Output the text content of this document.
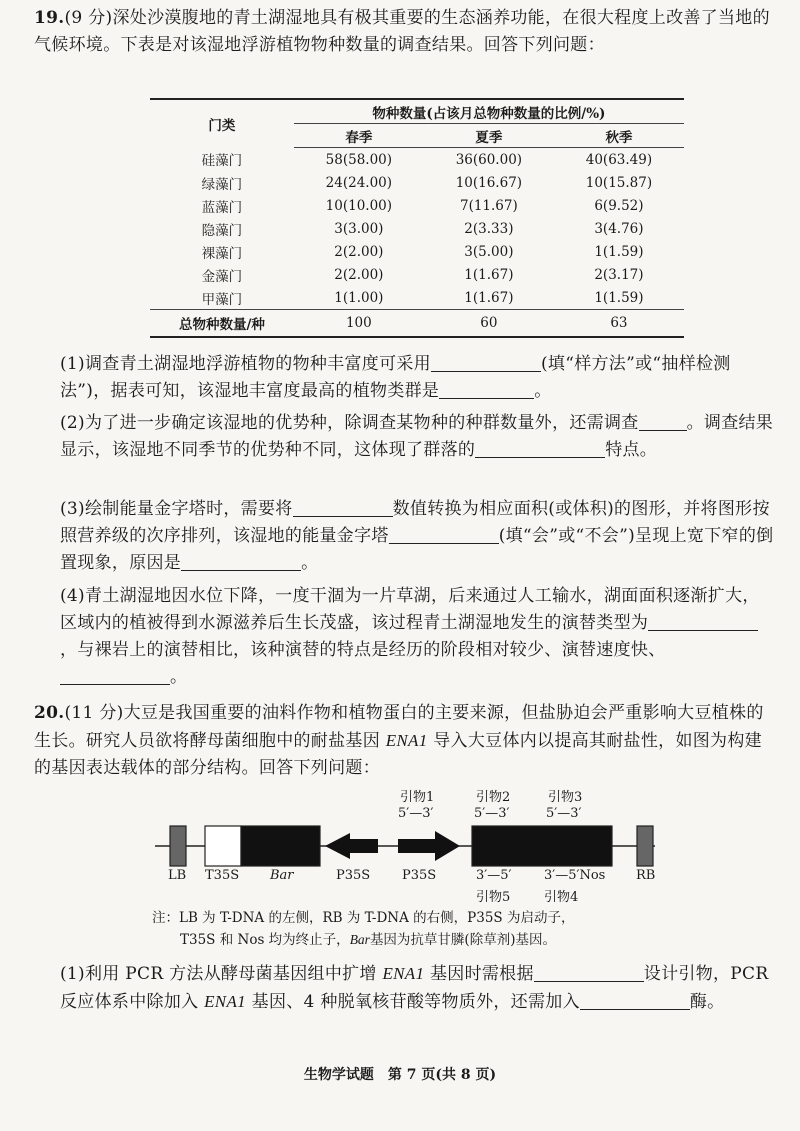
19.(9 分)深处沙漠腹地的青土湖湿地具有极其重要的生态涵养功能，在很大程度上改善了当地的气候环境。下表是对该湿地浮游植物物种数量的调查结果。回答下列问题：
门类	物种数量(占该月总物种数量的比例/%)		
	春季	夏季	秋季
硅藻门	58(58.00)	36(60.00)	40(63.49)
绿藻门	24(24.00)	10(16.67)	10(15.87)
蓝藻门	10(10.00)	7(11.67)	6(9.52)
隐藻门	3(3.00)	2(3.33)	3(4.76)
裸藻门	2(2.00)	3(5.00)	1(1.59)
金藻门	2(2.00)	1(1.67)	2(3.17)
甲藻门	1(1.00)	1(1.67)	1(1.59)
总物种数量/种	100	60	63
(1)调查青土湖湿地浮游植物的物种丰富度可采用	(填“样方法”或“抽样检测法”)，据表可知，该湿地丰富度最高的植物类群是	。
(2)为了进一步确定该湿地的优势种，除调查某物种的种群数量外，还需调查	。调查结果显示，该湿地不同季节的优势种不同，这体现了群落的	特点。
(3)绘制能量金字塔时，需要将	数值转换为相应面积(或体积)的图形，并将图形按照营养级的次序排列，该湿地的能量金字塔	(填“会”或“不会”)呈现上宽下窄的倒置现象，原因是	。
(4)青土湖湿地因水位下降，一度干涸为一片草湖，后来通过人工输水，湖面面积逐渐扩大，区域内的植被得到水源滋养后生长茂盛，该过程青土湖湿地发生的演替类型为，与裸岩上的演替相比，该种演替的特点是经历的阶段相对较少、演替速度快、。
20.(11 分)大豆是我国重要的油料作物和植物蛋白的主要来源，但盐胁迫会严重影响大豆植株的生长。研究人员欲将酵母菌细胞中的耐盐基因 ENA1 导入大豆体内以提高其耐盐性，如图为构建的基因表达载体的部分结构。回答下列问题：
引物1
5′—3′
引物2
5′—3′
引物3
5′—3′
LB T35S Bar	P35S P35S	3′—5′	3′—5′Nos RB
引物5	引物4
注：LB 为 T-DNA 的左侧，RB 为 T-DNA 的右侧，P35S 为启动子，
T35S 和 Nos 均为终止子，Bar基因为抗草甘膦(除草剂)基因。
(1)利用 PCR 方法从酵母菌基因组中扩增 ENA1 基因时需根据	设计引物，PCR 反应体系中除加入 ENA1 基因、4 种脱氧核苷酸等物质外，还需加入	酶。
生物学试题　第 7 页(共 8 页)
